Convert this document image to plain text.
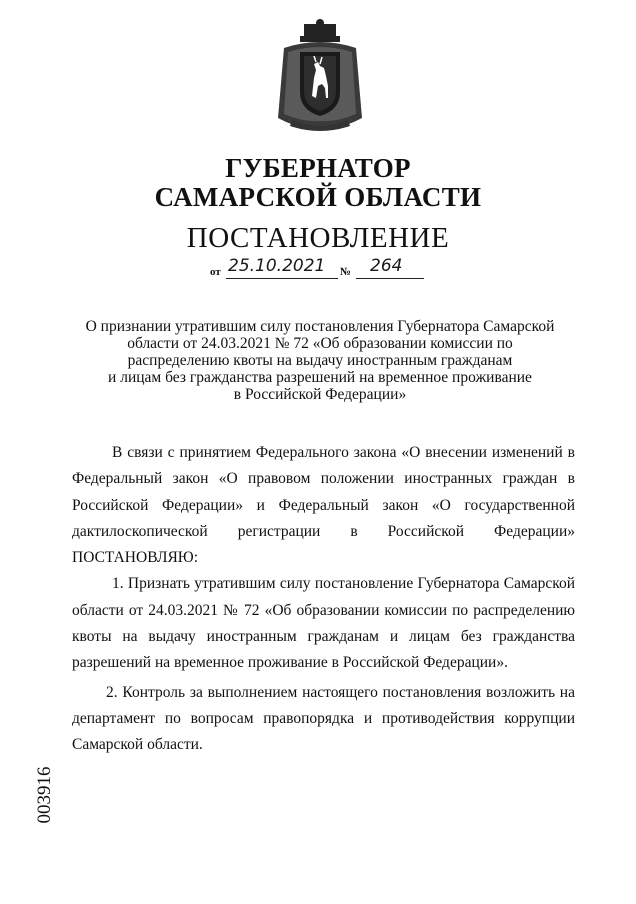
ГУБЕРНАТОР
САМАРСКОЙ ОБЛАСТИ
ПОСТАНОВЛЕНИЕ
от 25.10.2021 № 264
О признании утратившим силу постановления Губернатора Самарской
области от 24.03.2021 № 72 «Об образовании комиссии по
распределению квоты на выдачу иностранным гражданам
и лицам без гражданства разрешений на временное проживание
в Российской Федерации»

В связи с принятием Федерального закона «О внесении изменений в Федеральный закон «О правовом положении иностранных граждан в Российской Федерации» и Федеральный закон «О государственной дактилоскопической регистрации в Российской Федерации» ПОСТАНОВЛЯЮ:

1. Признать утратившим силу постановление Губернатора Самарской области от 24.03.2021 № 72 «Об образовании комиссии по распределению квоты на выдачу иностранным гражданам и лицам без гражданства разрешений на временное проживание в Российской Федерации».

2. Контроль за выполнением настоящего постановления возложить на департамент по вопросам правопорядка и противодействия коррупции Самарской области.

003916
